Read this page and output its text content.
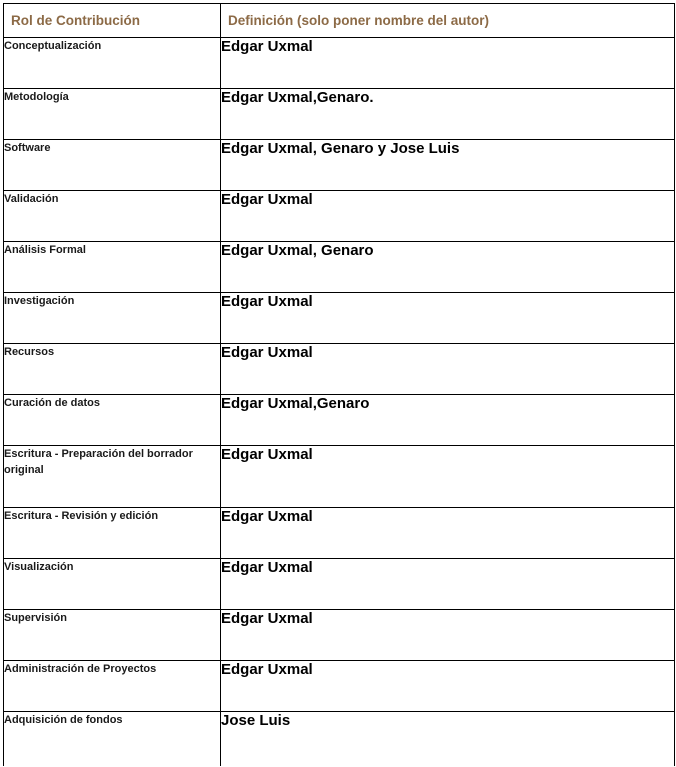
Rol de Contribución	Definición (solo poner nombre del autor)
Conceptualización	Edgar Uxmal
Metodología	Edgar Uxmal,Genaro.
Software	Edgar Uxmal, Genaro y Jose Luis
Validación	Edgar Uxmal
Análisis Formal	Edgar Uxmal, Genaro
Investigación	Edgar Uxmal
Recursos	Edgar Uxmal
Curación de datos	Edgar Uxmal,Genaro
Escritura - Preparación del borrador original	Edgar Uxmal
Escritura - Revisión y edición	Edgar Uxmal
Visualización	Edgar Uxmal
Supervisión	Edgar Uxmal
Administración de Proyectos	Edgar Uxmal
Adquisición de fondos	Jose Luis
